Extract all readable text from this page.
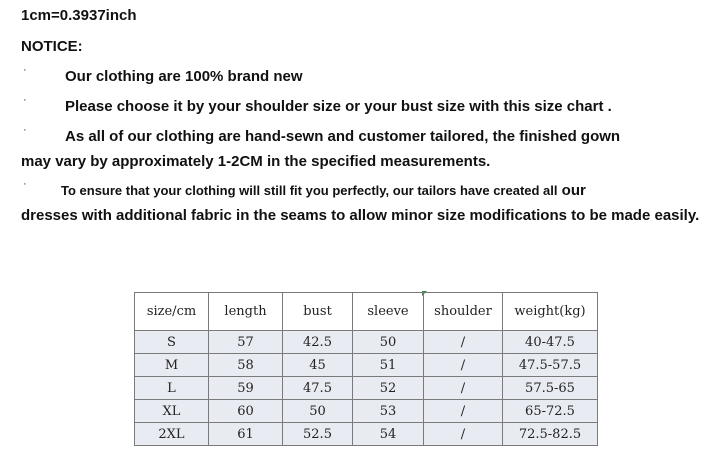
1cm=0.3937inch
NOTICE:
·	Our clothing are 100% brand new
·	Please choose it by your shoulder size or your bust size with this size chart .
·	As all of our clothing are hand-sewn and customer tailored, the finished gown
may vary by approximately 1-2CM in the specified measurements.
·	To ensure that your clothing will still fit you perfectly, our tailors have created all our
dresses with additional fabric in the seams to allow minor size modifications to be made easily.
size/cm	length	bust	sleeve	shoulder	weight(kg)
S	57	42.5	50	/	40-47.5
M	58	45	51	/	47.5-57.5
L	59	47.5	52	/	57.5-65
XL	60	50	53	/	65-72.5
2XL	61	52.5	54	/	72.5-82.5
